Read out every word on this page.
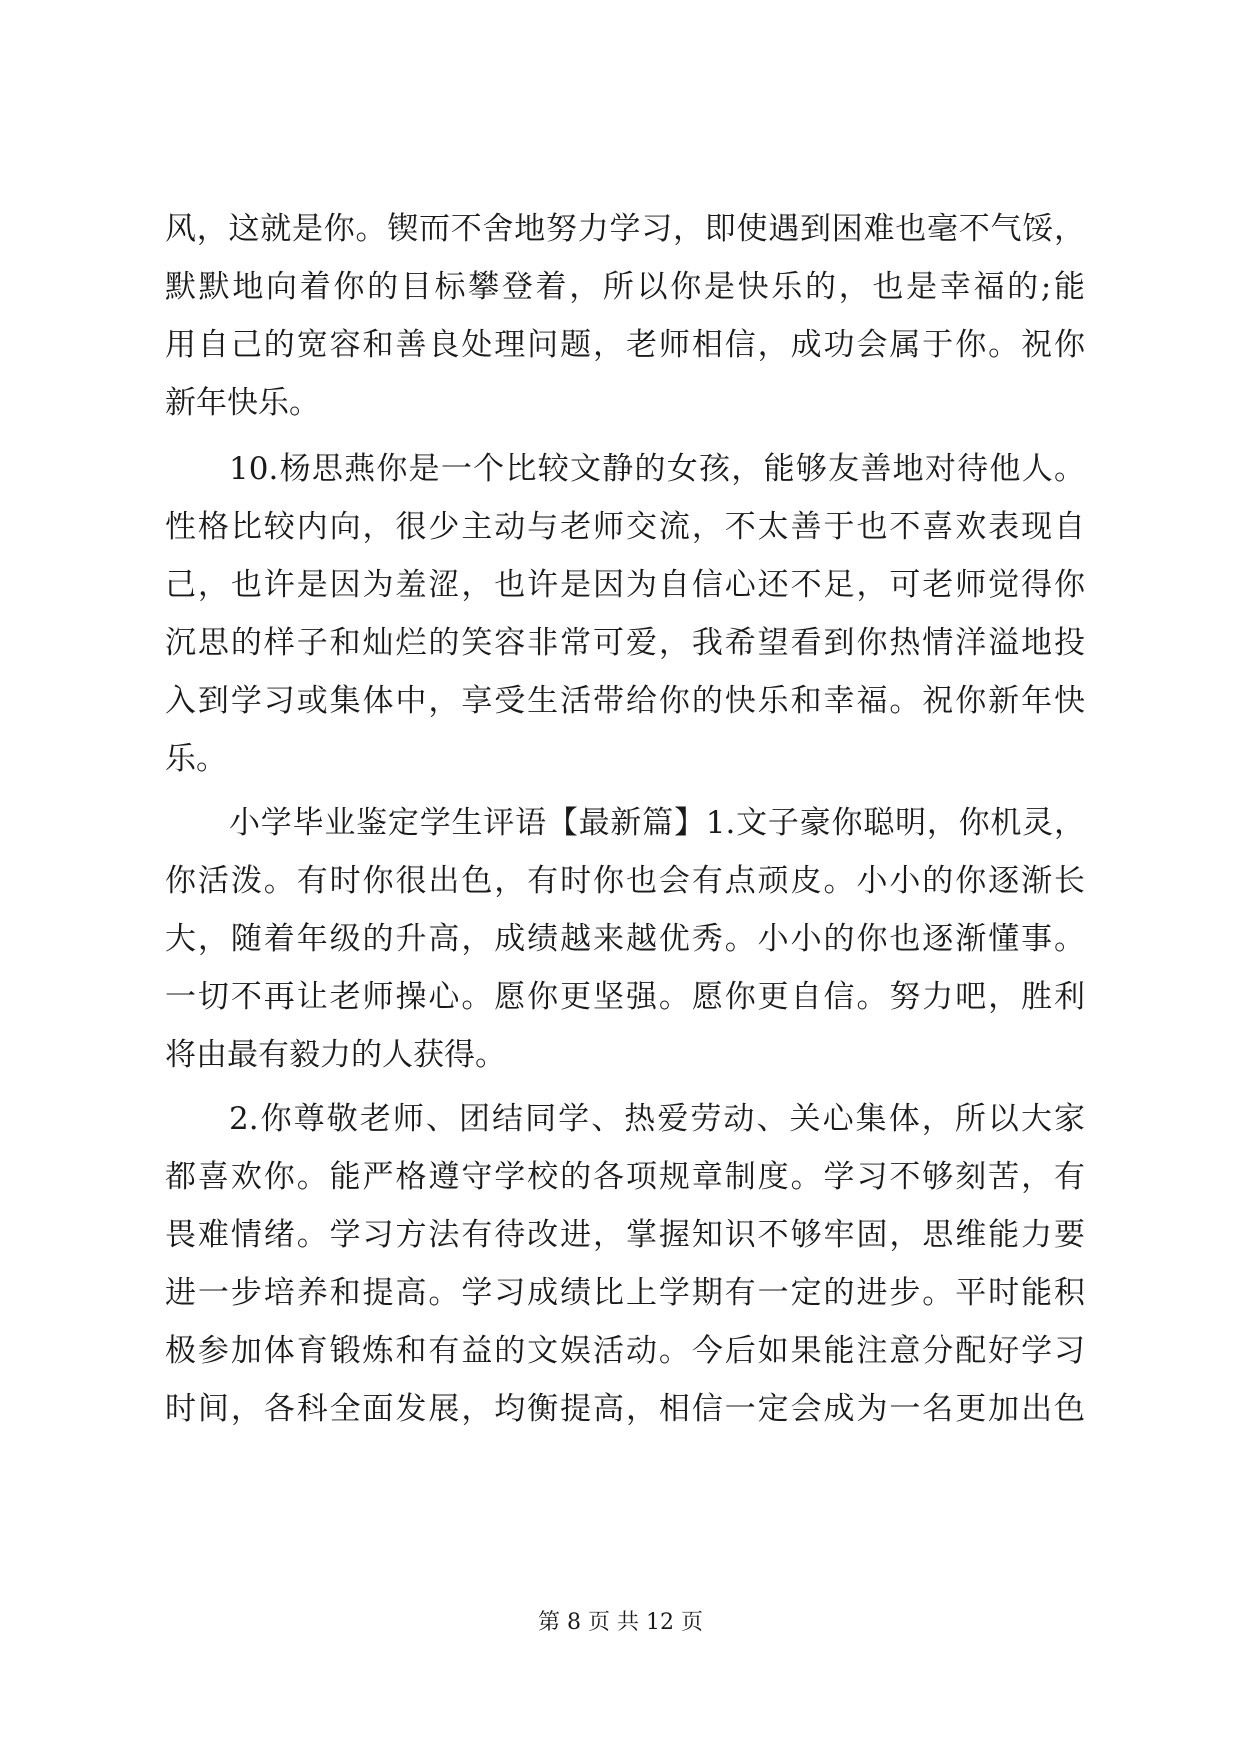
风，这就是你。锲而不舍地努力学习，即使遇到困难也毫不气馁，
默默地向着你的目标攀登着，所以你是快乐的，也是幸福的;能
用自己的宽容和善良处理问题，老师相信，成功会属于你。祝你
新年快乐。
10.杨思燕你是一个比较文静的女孩，能够友善地对待他人。
性格比较内向，很少主动与老师交流，不太善于也不喜欢表现自
己，也许是因为羞涩，也许是因为自信心还不足，可老师觉得你
沉思的样子和灿烂的笑容非常可爱，我希望看到你热情洋溢地投
入到学习或集体中，享受生活带给你的快乐和幸福。祝你新年快
乐。
小学毕业鉴定学生评语【最新篇】1.文子豪你聪明，你机灵，
你活泼。有时你很出色，有时你也会有点顽皮。小小的你逐渐长
大，随着年级的升高，成绩越来越优秀。小小的你也逐渐懂事。
一切不再让老师操心。愿你更坚强。愿你更自信。努力吧，胜利
将由最有毅力的人获得。
2.你尊敬老师、团结同学、热爱劳动、关心集体，所以大家
都喜欢你。能严格遵守学校的各项规章制度。学习不够刻苦，有
畏难情绪。学习方法有待改进，掌握知识不够牢固，思维能力要
进一步培养和提高。学习成绩比上学期有一定的进步。平时能积
极参加体育锻炼和有益的文娱活动。今后如果能注意分配好学习
时间，各科全面发展，均衡提高，相信一定会成为一名更加出色
第 8 页 共 12 页
